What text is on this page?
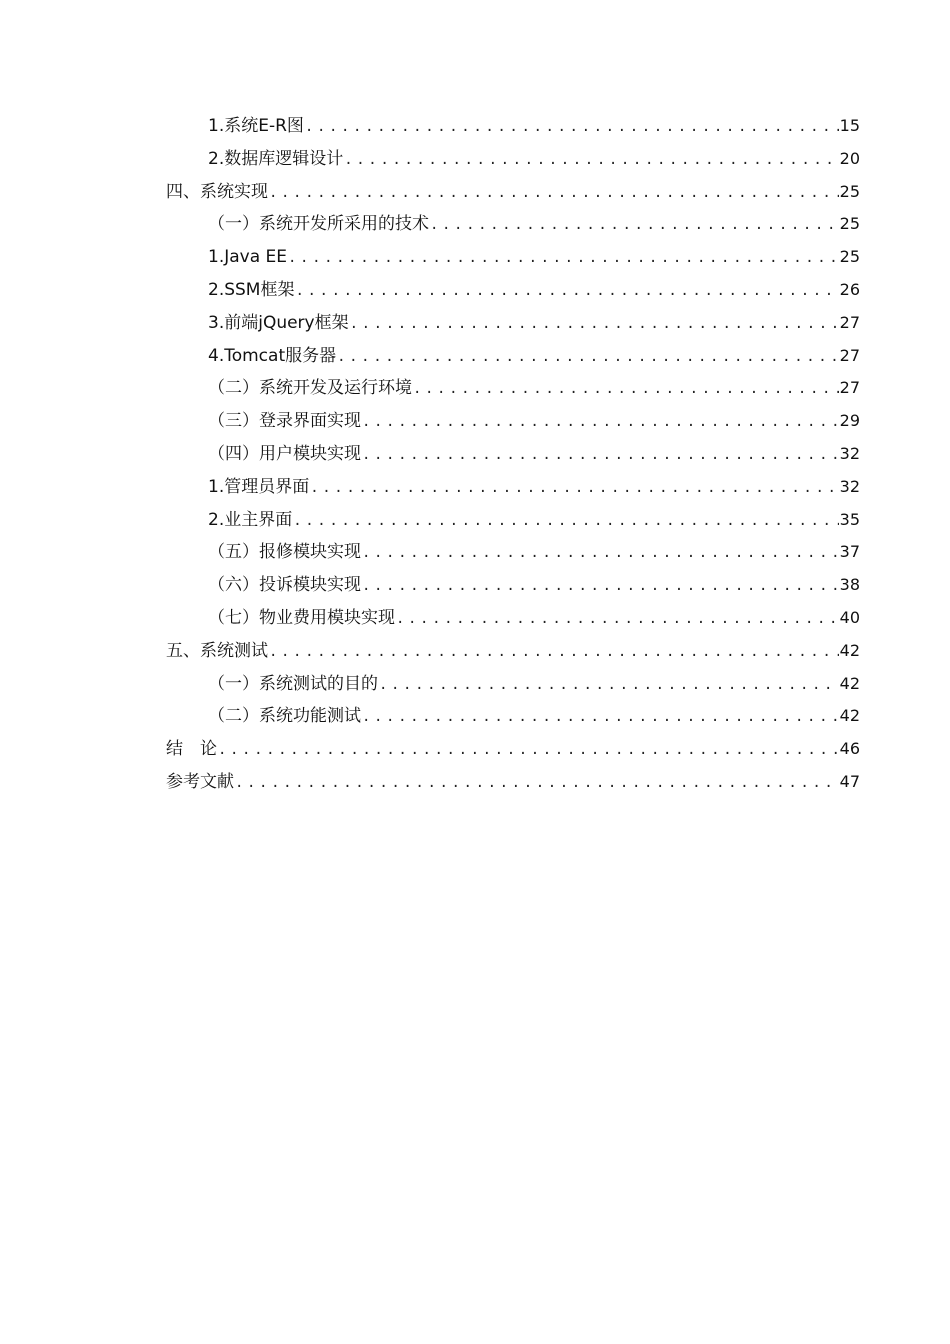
1.系统E-R图 .....	15
2.数据库逻辑设计 .....	20
四、系统实现 .....	25
（一）系统开发所采用的技术 .....	25
1.Java EE .....	25
2.SSM框架 .....	26
3.前端jQuery框架 .....	27
4.Tomcat服务器 .....	27
（二）系统开发及运行环境 .....	27
（三）登录界面实现 .....	29
（四）用户模块实现 .....	32
1.管理员界面 .....	32
2.业主界面 .....	35
（五）报修模块实现 .....	37
（六）投诉模块实现 .....	38
（七）物业费用模块实现 .....	40
五、系统测试 .....	42
（一）系统测试的目的 .....	42
（二）系统功能测试 .....	42
结　论 .....	46
参考文献 .....	47
